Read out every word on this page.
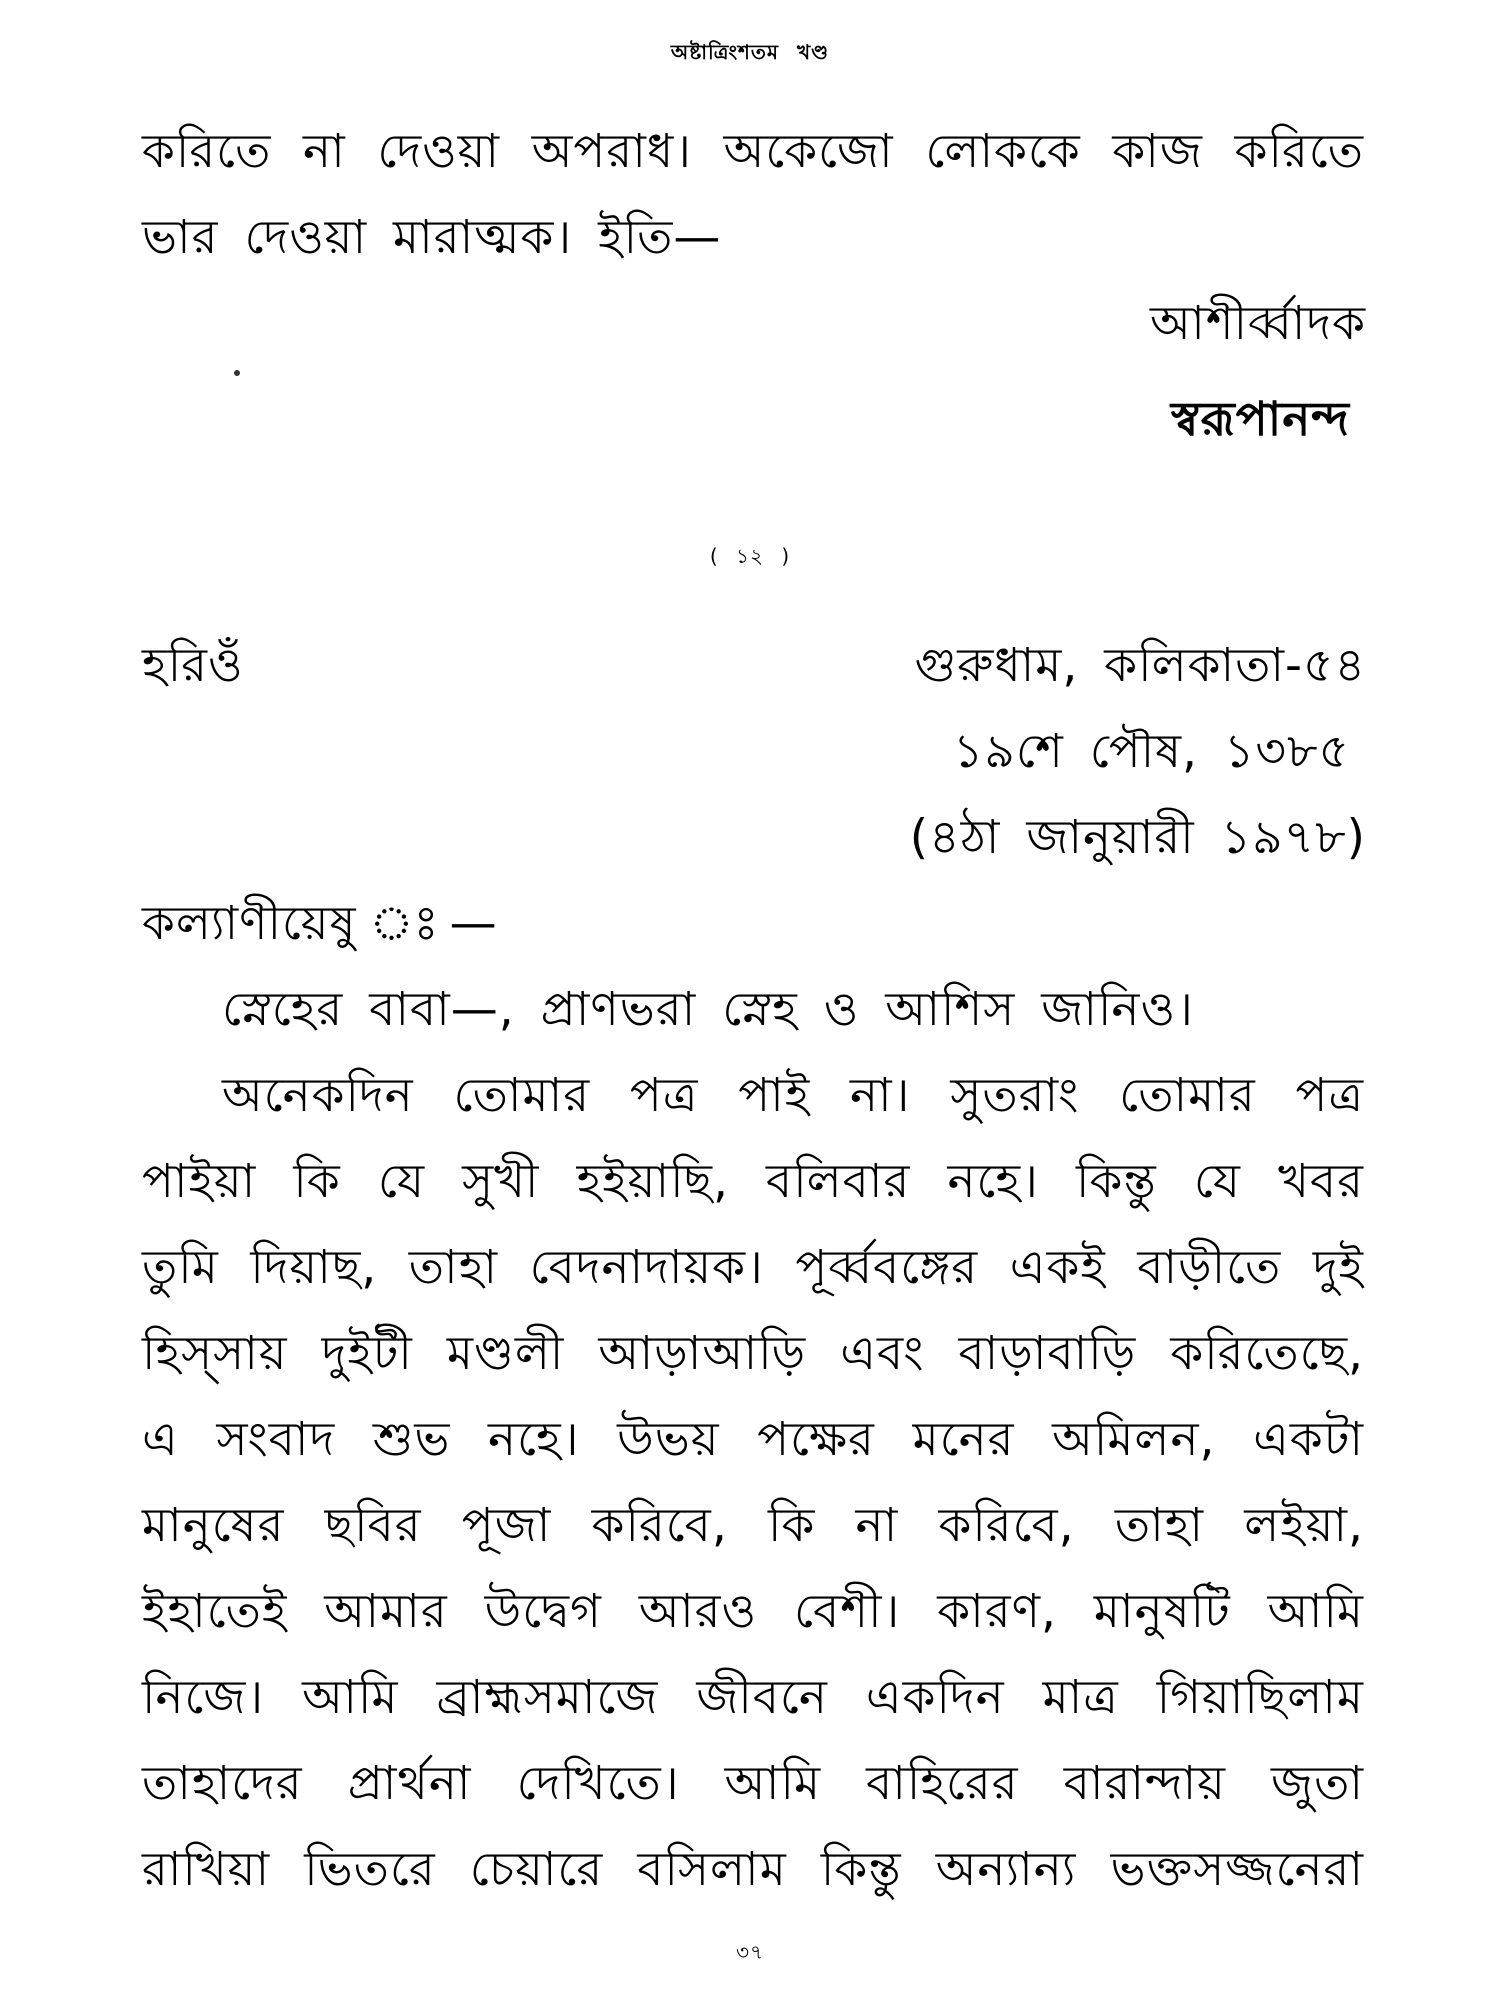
অষ্টাত্রিংশতম খণ্ড
করিতে না দেওয়া অপরাধ। অকেজো লোককে কাজ করিতে
ভার দেওয়া মারাত্মক। ইতি—
আশীর্ব্বাদক
স্বরূপানন্দ
( ১২ )
হরিওঁ	গুরুধাম, কলিকাতা-৫৪
১৯শে পৌষ, ১৩৮৫
(৪ঠা জানুয়ারী ১৯৭৮)
কল্যাণীয়েষু ঃ—
স্নেহের বাবা—, প্রাণভরা স্নেহ ও আশিস জানিও।
অনেকদিন তোমার পত্র পাই না। সুতরাং তোমার পত্র
পাইয়া কি যে সুখী হইয়াছি, বলিবার নহে। কিন্তু যে খবর
তুমি দিয়াছ, তাহা বেদনাদায়ক। পূর্ব্ববঙ্গের একই বাড়ীতে দুই
হিস্সায় দুইটী মণ্ডলী আড়াআড়ি এবং বাড়াবাড়ি করিতেছে,
এ সংবাদ শুভ নহে। উভয় পক্ষের মনের অমিলন, একটা
মানুষের ছবির পূজা করিবে, কি না করিবে, তাহা লইয়া,
ইহাতেই আমার উদ্বেগ আরও বেশী। কারণ, মানুষটি আমি
নিজে। আমি ব্রাহ্মসমাজে জীবনে একদিন মাত্র গিয়াছিলাম
তাহাদের প্রার্থনা দেখিতে। আমি বাহিরের বারান্দায় জুতা
রাখিয়া ভিতরে চেয়ারে বসিলাম কিন্তু অন্যান্য ভক্তসজ্জনেরা
৩৭
